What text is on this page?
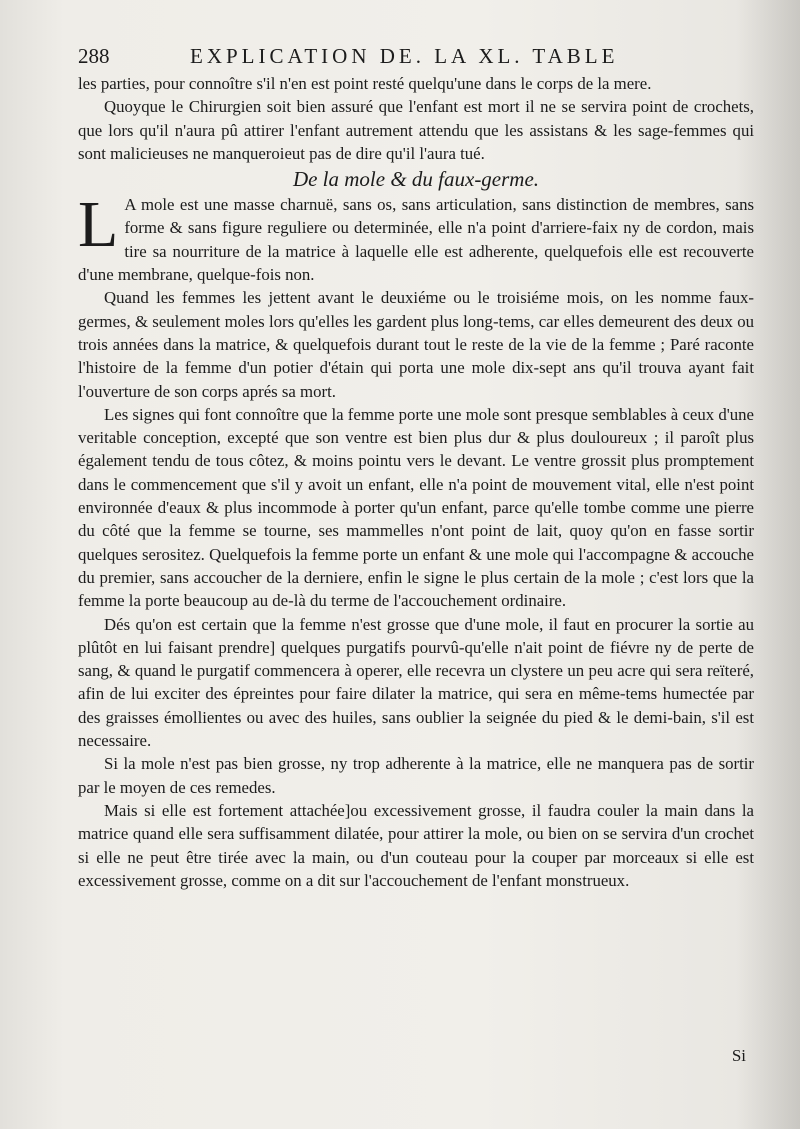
288	EXPLICATION DE. LA XL. TABLE

les parties, pour connoître s'il n'en est point resté quelqu'une dans le corps de la mere.

Quoyque le Chirurgien soit bien assuré que l'enfant est mort il ne se servira point de crochets, que lors qu'il n'aura pû attirer l'enfant autrement attendu que les assistans & les sage-femmes qui sont malicieuses ne manqueroieut pas de dire qu'il l'aura tué.

De la mole & du faux-germe.

L A mole est une masse charnuë, sans os, sans articulation, sans distinction de membres, sans forme & sans figure reguliere ou determinée, elle n'a point d'arriere-faix ny de cordon, mais tire sa nourriture de la matrice à laquelle elle est adherente, quelquefois elle est recouverte d'une membrane, quelque-fois non.

Quand les femmes les jettent avant le deuxiéme ou le troisiéme mois, on les nomme faux-germes, & seulement moles lors qu'elles les gardent plus long-tems, car elles demeurent des deux ou trois années dans la matrice, & quelquefois durant tout le reste de la vie de la femme ; Paré raconte l'histoire de la femme d'un potier d'étain qui porta une mole dix-sept ans qu'il trouva ayant fait l'ouverture de son corps aprés sa mort.

Les signes qui font connoître que la femme porte une mole sont presque semblables à ceux d'une veritable conception, excepté que son ventre est bien plus dur & plus douloureux ; il paroît plus également tendu de tous côtez, & moins pointu vers le devant. Le ventre grossit plus promptement dans le commencement que s'il y avoit un enfant, elle n'a point de mouvement vital, elle n'est point environnée d'eaux & plus incommode à porter qu'un enfant, parce qu'elle tombe comme une pierre du côté que la femme se tourne, ses mammelles n'ont point de lait, quoy qu'on en fasse sortir quelques serositez. Quelquefois la femme porte un enfant & une mole qui l'accompagne & accouche du premier, sans accoucher de la derniere, enfin le signe le plus certain de la mole ; c'est lors que la femme la porte beaucoup au de-là du terme de l'accouchement ordinaire.

Dés qu'on est certain que la femme n'est grosse que d'une mole, il faut en procurer la sortie au plûtôt en lui faisant prendre] quelques purgatifs pourvû-qu'elle n'ait point de fiévre ny de perte de sang, & quand le purgatif commencera à operer, elle recevra un clystere un peu acre qui sera reïteré, afin de lui exciter des épreintes pour faire dilater la matrice, qui sera en même-tems humectée par des graisses émollientes ou avec des huiles, sans oublier la seignée du pied & le demi-bain, s'il est necessaire.

Si la mole n'est pas bien grosse, ny trop adherente à la matrice, elle ne manquera pas de sortir par le moyen de ces remedes.

Mais si elle est fortement attachée]ou excessivement grosse, il faudra couler la main dans la matrice quand elle sera suffisamment dilatée, pour attirer la mole, ou bien on se servira d'un crochet si elle ne peut être tirée avec la main, ou d'un couteau pour la couper par morceaux si elle est excessivement grosse, comme on a dit sur l'accouchement de l'enfant monstrueux.

Si
